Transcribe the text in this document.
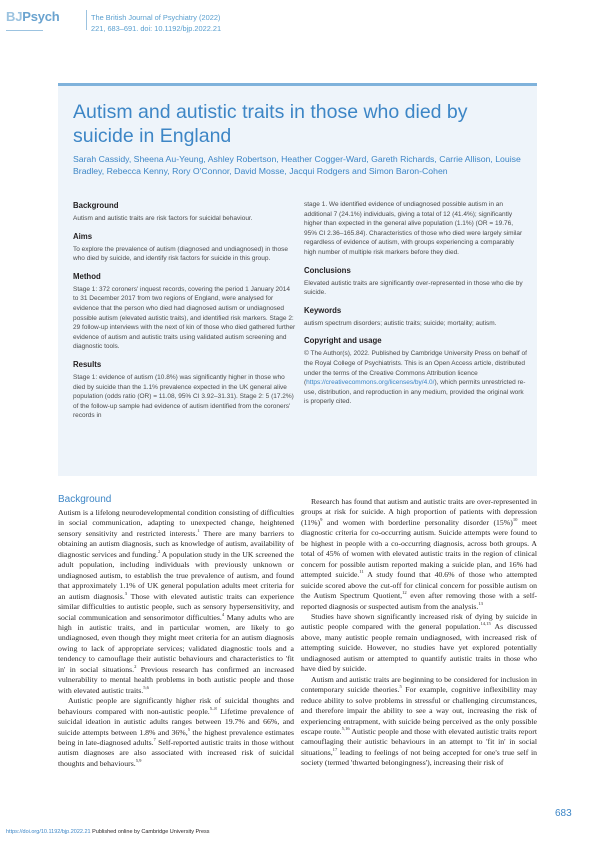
BJPsych	The British Journal of Psychiatry (2022)
221, 683–691. doi: 10.1192/bjp.2022.21
Autism and autistic traits in those who died by suicide in England
Sarah Cassidy, Sheena Au-Yeung, Ashley Robertson, Heather Cogger-Ward, Gareth Richards, Carrie Allison, Louise Bradley, Rebecca Kenny, Rory O'Connor, David Mosse, Jacqui Rodgers and Simon Baron-Cohen
Background

Autism and autistic traits are risk factors for suicidal behaviour.

Aims

To explore the prevalence of autism (diagnosed and undiagnosed) in those who died by suicide, and identify risk factors for suicide in this group.

Method

Stage 1: 372 coroners' inquest records, covering the period 1 January 2014 to 31 December 2017 from two regions of England, were analysed for evidence that the person who died had diagnosed autism or undiagnosed possible autism (elevated autistic traits), and identified risk markers. Stage 2: 29 follow-up interviews with the next of kin of those who died gathered further evidence of autism and autistic traits using validated autism screening and diagnostic tools.

Results

Stage 1: evidence of autism (10.8%) was significantly higher in those who died by suicide than the 1.1% prevalence expected in the UK general alive population (odds ratio (OR) = 11.08, 95% CI 3.92–31.31). Stage 2: 5 (17.2%) of the follow-up sample had evidence of autism identified from the coroners' records in

stage 1. We identified evidence of undiagnosed possible autism in an additional 7 (24.1%) individuals, giving a total of 12 (41.4%); significantly higher than expected in the general alive population (1.1%) (OR = 19.76, 95% CI 2.36–165.84). Characteristics of those who died were largely similar regardless of evidence of autism, with groups experiencing a comparably high number of multiple risk markers before they died.

Conclusions

Elevated autistic traits are significantly over-represented in those who die by suicide.

Keywords

autism spectrum disorders; autistic traits; suicide; mortality; autism.

Copyright and usage

© The Author(s), 2022. Published by Cambridge University Press on behalf of the Royal College of Psychiatrists. This is an Open Access article, distributed under the terms of the Creative Commons Attribution licence (https://creativecommons.org/licenses/by/4.0/), which permits unrestricted re-use, distribution, and reproduction in any medium, provided the original work is properly cited.

Background

Autism is a lifelong neurodevelopmental condition consisting of difficulties in social communication, adapting to unexpected change, heightened sensory sensitivity and restricted interests.$^1$ There are many barriers to obtaining an autism diagnosis, such as knowledge of autism, availability of diagnostic services and funding.$^2$ A population study in the UK screened the adult population, including individuals with previously unknown or undiagnosed autism, to establish the true prevalence of autism, and found that approximately 1.1% of UK general population adults meet criteria for an autism diagnosis.$^3$ Those with elevated autistic traits can experience similar difficulties to autistic people, such as sensory hypersensitivity, and social communication and sensorimotor difficulties.$^4$ Many adults who are high in autistic traits, and in particular women, are likely to go undiagnosed, even though they might meet criteria for an autism diagnosis owing to lack of appropriate services; validated diagnostic tools and a tendency to camouflage their autistic behaviours and characteristics to 'fit in' in social situations.$^2$ Previous research has confirmed an increased vulnerability to mental health problems in both autistic people and those with elevated autistic traits.$^{5,6}$

Autistic people are significantly higher risk of suicidal thoughts and behaviours compared with non-autistic people.$^{5-8}$ Lifetime prevalence of suicidal ideation in autistic adults ranges between 19.7% and 66%, and suicide attempts between 1.8% and 36%,$^5$ the highest prevalence estimates being in late-diagnosed adults.$^7$ Self-reported autistic traits in those without autism diagnoses are also associated with increased risk of suicidal thoughts and behaviours.$^{5,9}$

Research has found that autism and autistic traits are over-represented in groups at risk for suicide. A high proportion of patients with depression $(11\%)^9$ and women with borderline personality disorder $(15\%)^{10}$ meet diagnostic criteria for co-occurring autism. Suicide attempts were found to be highest in people with a co-occurring diagnosis, across both groups. A total of 45% of women with elevated autistic traits in the region of clinical concern for possible autism reported making a suicide plan, and 16% had attempted suicide.$^{11}$ A study found that 40.6% of those who attempted suicide scored above the cut-off for clinical concern for possible autism on the Autism Spectrum Quotient,$^{12}$ even after removing those with a self-reported diagnosis or suspected autism from the analysis.$^{13}$

Studies have shown significantly increased risk of dying by suicide in autistic people compared with the general population.$^{14,15}$ As discussed above, many autistic people remain undiagnosed, with increased risk of attempting suicide. However, no studies have yet explored potentially undiagnosed autism or attempted to quantify autistic traits in those who have died by suicide.

Autism and autistic traits are beginning to be considered for inclusion in contemporary suicide theories.$^5$ For example, cognitive inflexibility may reduce ability to solve problems in stressful or challenging circumstances, and therefore impair the ability to see a way out, increasing the risk of experiencing entrapment, with suicide being perceived as the only possible escape route.$^{5,16}$ Autistic people and those with elevated autistic traits report camouflaging their autistic behaviours in an attempt to 'fit in' in social situations,$^{17}$ leading to feelings of not being accepted for one's true self in society (termed 'thwarted belongingness'), increasing their risk of

683
https://doi.org/10.1192/bjp.2022.21 Published online by Cambridge University Press
